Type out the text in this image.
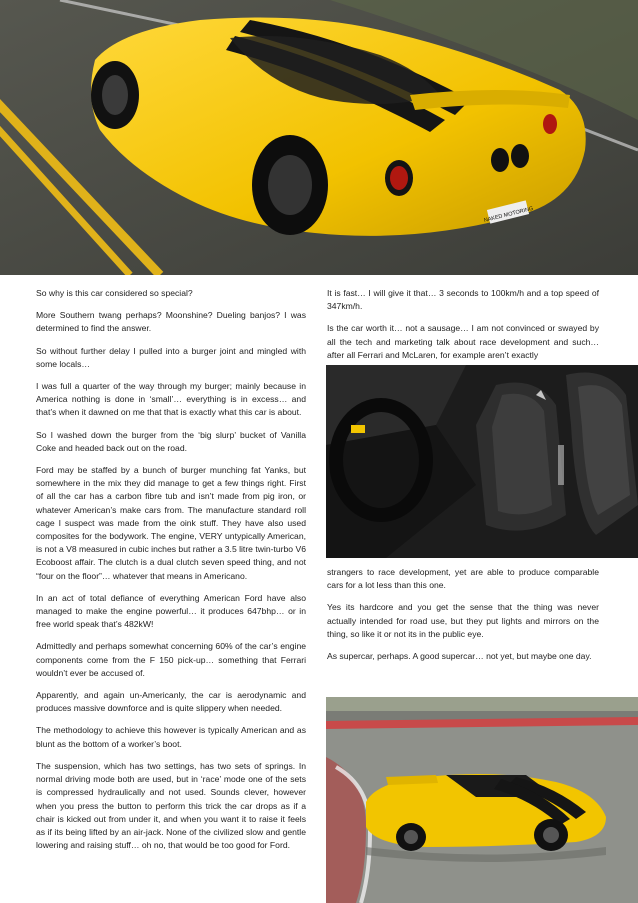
NAKED MOTORING

So why is this car considered so special?

More Southern twang perhaps? Moonshine? Dueling banjos? I was determined to find the answer.

So without further delay I pulled into a burger joint and mingled with some locals…

I was full a quarter of the way through my burger; mainly because in America nothing is done in ‘small’… everything is in excess… and that’s when it dawned on me that that is exactly what this car is about.

So I washed down the burger from the ‘big slurp’ bucket of Vanilla Coke and headed back out on the road.

Ford may be staffed by a bunch of burger munching fat Yanks, but somewhere in the mix they did manage to get a few things right. First of all the car has a carbon fibre tub and isn’t made from pig iron, or whatever American’s make cars from. The manufacture standard roll cage I suspect was made from the oink stuff. They have also used composites for the bodywork. The engine, VERY untypically American, is not a V8 measured in cubic inches but rather a 3.5 litre twin-turbo V6 Ecoboost affair. The clutch is a dual clutch seven speed thing, and not “four on the floor”… whatever that means in Americano.

In an act of total defiance of everything American Ford have also managed to make the engine powerful… it produces 647bhp… or in free world speak that’s 482kW!

Admittedly and perhaps somewhat concerning 60% of the car’s engine components come from the F 150 pick-up… something that Ferrari wouldn’t ever be accused of.

Apparently, and again un-Americanly, the car is aerodynamic and produces massive downforce and is quite slippery when needed.

The methodology to achieve this however is typically American and as blunt as the bottom of a worker’s boot.

The suspension, which has two settings, has two sets of springs. In normal driving mode both are used, but in ‘race’ mode one of the sets is compressed hydraulically and not used. Sounds clever, however when you press the button to perform this trick the car drops as if a chair is kicked out from under it, and when you want it to raise it feels as if its being lifted by an air-jack. None of the civilized slow and gentle lowering and raising stuff… oh no, that would be too good for Ford.

It is fast… I will give it that… 3 seconds to 100km/h and a top speed of 347km/h.

Is the car worth it… not a sausage… I am not convinced or swayed by all the tech and marketing talk about race development and such… after all Ferrari and McLaren, for example aren’t exactly

strangers to race development, yet are able to produce comparable cars for a lot less than this one.

Yes its hardcore and you get the sense that the thing was never actually intended for road use, but they put lights and mirrors on the thing, so like it or not its in the public eye.

As supercar, perhaps. A good supercar… not yet, but maybe one day.
